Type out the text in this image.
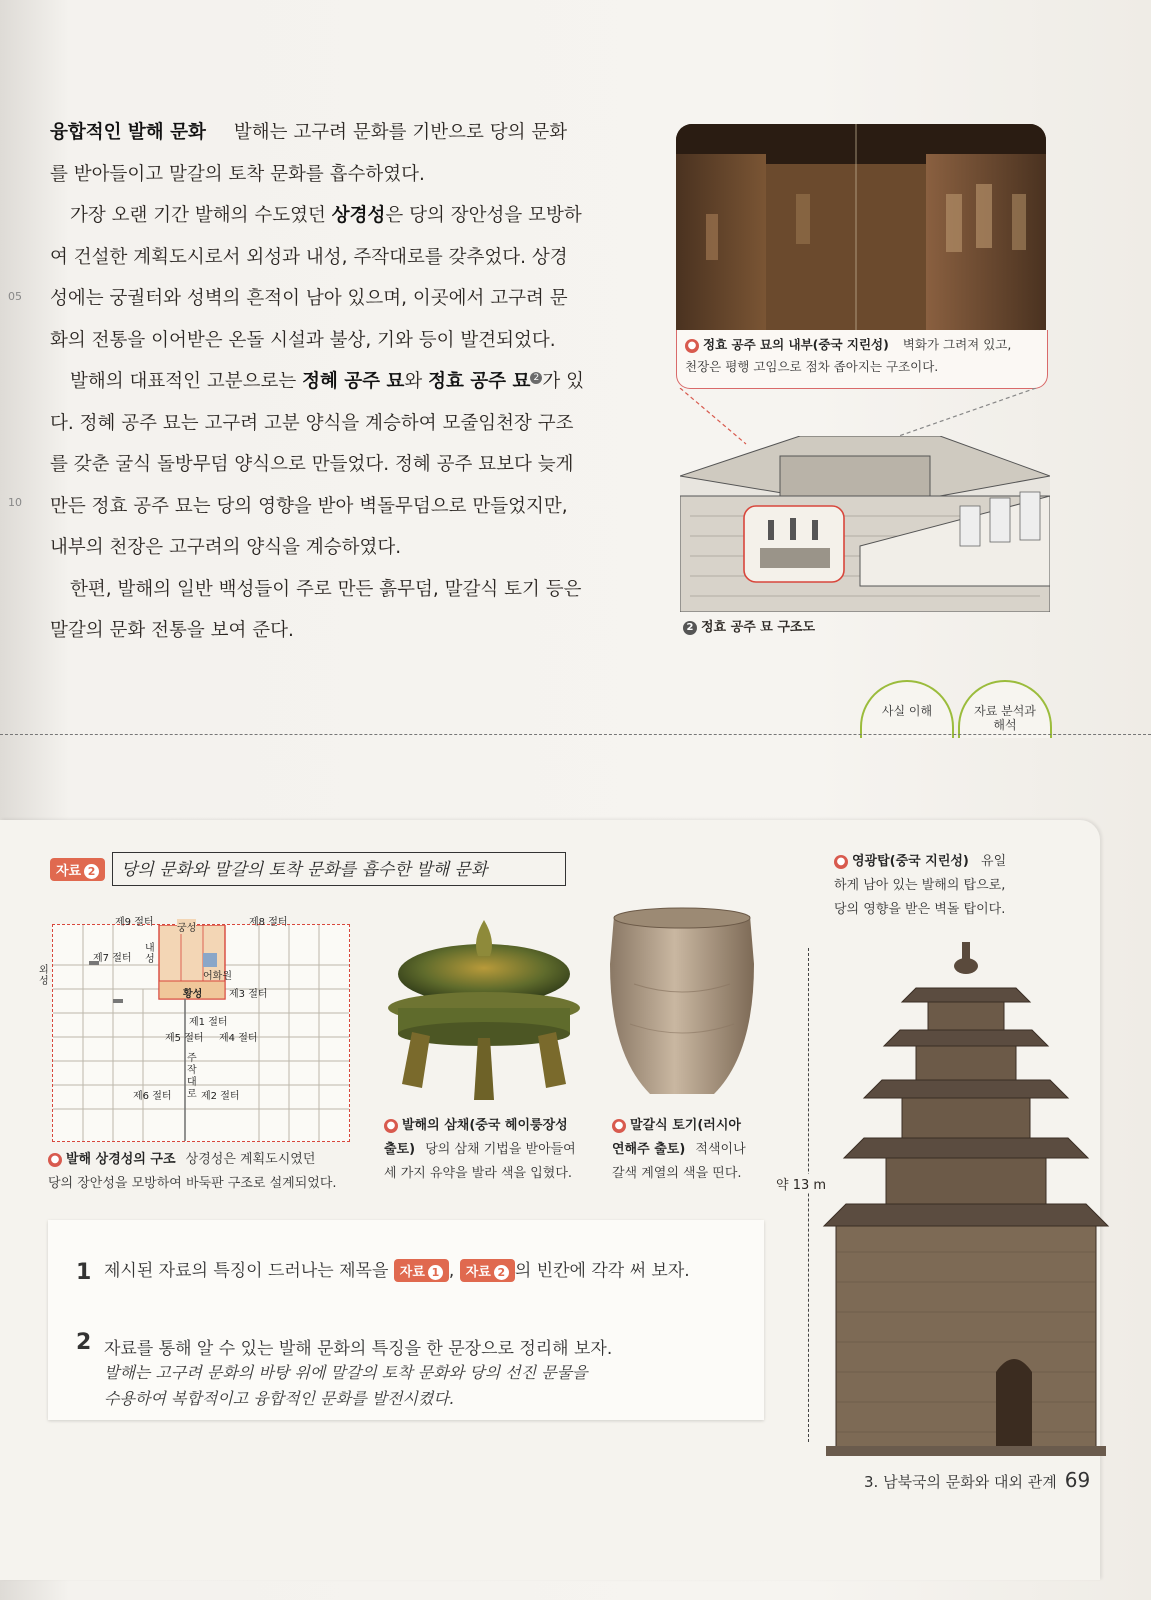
융합적인 발해 문화 발해는 고구려 문화를 기반으로 당의 문화
를 받아들이고 말갈의 토착 문화를 흡수하였다.
가장 오랜 기간 발해의 수도였던 상경성은 당의 장안성을 모방하
여 건설한 계획도시로서 외성과 내성, 주작대로를 갖추었다. 상경
성에는 궁궐터와 성벽의 흔적이 남아 있으며, 이곳에서 고구려 문
화의 전통을 이어받은 온돌 시설과 불상, 기와 등이 발견되었다.
발해의 대표적인 고분으로는 정혜 공주 묘와 정효 공주 묘 2 가 있
다. 정혜 공주 묘는 고구려 고분 양식을 계승하여 모줄임천장 구조
를 갖춘 굴식 돌방무덤 양식으로 만들었다. 정혜 공주 묘보다 늦게
만든 정효 공주 묘는 당의 영향을 받아 벽돌무덤으로 만들었지만,
내부의 천장은 고구려의 양식을 계승하였다.
한편, 발해의 일반 백성들이 주로 만든 흙무덤, 말갈식 토기 등은
말갈의 문화 전통을 보여 준다.
05
10
● 정효 공주 묘의 내부(중국 지린성) 벽화가 그려져 있고,
천장은 평행 고임으로 점차 좁아지는 구조이다.
2 정효 공주 묘 구조도
사실 이해	자료 분석과
해석
자료 2	당의 문화와 말갈의 토착 문화를 흡수한 발해 문화
제9 절터
궁성
제8 절터
제7 절터
내성
어화원
외성
황성	제3 절터
제1 절터
제5 절터 제4 절터
주작대로
제6 절터	제2 절터
● 발해 상경성의 구조 상경성은 계획도시였던
당의 장안성을 모방하여 바둑판 구조로 설계되었다.
● 발해의 삼채(중국 헤이룽장성
출토) 당의 삼채 기법을 받아들여
세 가지 유약을 발라 색을 입혔다.
● 말갈식 토기(러시아
연해주 출토) 적색이나
갈색 계열의 색을 띤다.
● 영광탑(중국 지린성) 유일
하게 남아 있는 발해의 탑으로,
당의 영향을 받은 벽돌 탑이다.
약 13 m
1 제시된 자료의 특징이 드러나는 제목을 자료 1 , 자료 2 의 빈칸에 각각 써 보자.
2 자료를 통해 알 수 있는 발해 문화의 특징을 한 문장으로 정리해 보자.
발해는 고구려 문화의 바탕 위에 말갈의 토착 문화와 당의 선진 문물을
수용하여 복합적이고 융합적인 문화를 발전시켰다.
3. 남북국의 문화와 대외 관계 69
